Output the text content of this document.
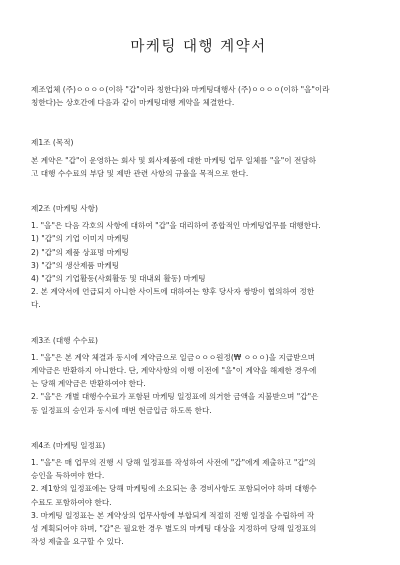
마케팅 대행 계약서

제조업체 (주)ㅇㅇㅇㅇ(이하 "갑"이라 칭한다)와 마케팅대행사 (주)ㅇㅇㅇㅇ(이하 "을"이라

칭한다)는 상호간에 다음과 같이 마케팅대행 계약을 체결한다.

제1조 (목적)

본 계약은 "갑"이 운영하는 회사 및 회사제품에 대한 마케팅 업무 일체를 "을"이 전담하

고 대행 수수료의 부담 및 제반 관련 사항의 규율을 목적으로 한다.

제2조 (마케팅 사항)

1. "을"은 다음 각호의 사항에 대하여 "갑"을 대리하여 종합적인 마케팅업무를 대행한다.

1) "갑"의 기업 이미지 마케팅

2) "갑"의 제품 상표명 마케팅

3) "갑"의 생산제품 마케팅

4) "갑"의 기업활동(사회활동 및 대내외 활동) 마케팅

2. 본 계약서에 언급되지 아니한 사이트에 대하여는 향후 당사자 쌍방이 협의하여 정한

다.

제3조 (대행 수수료)

1. "을"은 본 계약 체결과 동시에 계약금으로 일금ㅇㅇㅇ원정(₩ ㅇㅇㅇ)을 지급받으며

계약금은 반환하지 아니한다. 단, 계약사항의 이행 이전에 "을"이 계약을 해제한 경우에

는 당해 계약금은 반환하여야 한다.

2. "을"은 개별 대행수수료가 포함된 마케팅 일정표에 의거한 금액을 지불받으며 "갑"은

동 일정표의 승인과 동시에 매번 현금입금 하도록 한다.

제4조 (마케팅 일정표)

1. "을"은 매 업무의 진행 시 당해 일정표를 작성하여 사전에 "갑"에게 제출하고 "갑"의

승인을 득하여야 한다.

2. 제1항의 일정표에는 당해 마케팅에 소요되는 총 경비사항도 포함되어야 하며 대행수

수료도 포함하여야 한다.

3. 마케팅 일정표는 본 계약상의 업무사항에 부합되게 적절히 진행 일정을 수립하여 작

성 계획되어야 하며, "갑"은 필요한 경우 별도의 마케팅 대상을 지정하여 당해 일정표의

작성 제출을 요구할 수 있다.
